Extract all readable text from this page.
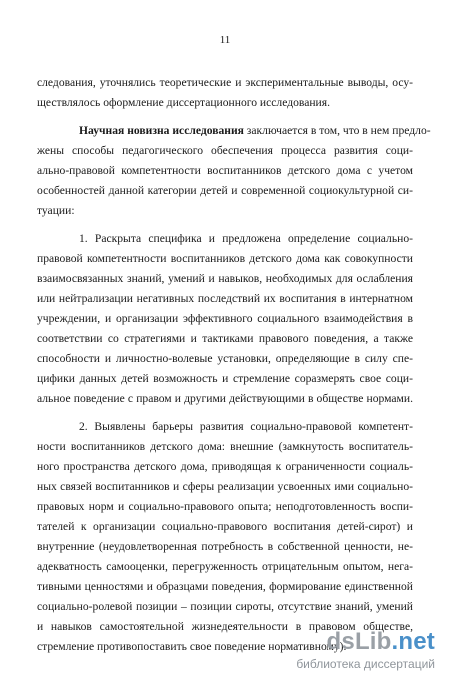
11
следования, уточнялись теоретические и экспериментальные выводы, осу-
ществлялось оформление диссертационного исследования.
Научная новизна исследования заключается в том, что в нем предло-
жены способы педагогического обеспечения процесса развития соци-
ально-правовой компетентности воспитанников детского дома с учетом
особенностей данной категории детей и современной социокультурной си-
туации:
1. Раскрыта специфика и предложена определение социально-
правовой компетентности воспитанников детского дома как совокупности
взаимосвязанных знаний, умений и навыков, необходимых для ослабления
или нейтрализации негативных последствий их воспитания в интернатном
учреждении, и организации эффективного социального взаимодействия в
соответствии со стратегиями и тактиками правового поведения, а также
способности и личностно-волевые установки, определяющие в силу спе-
цифики данных детей возможность и стремление соразмерять свое соци-
альное поведение с правом и другими действующими в обществе нормами.
2. Выявлены барьеры развития социально-правовой компетент-
ности воспитанников детского дома: внешние (замкнутость воспитатель-
ного пространства детского дома, приводящая к ограниченности социаль-
ных связей воспитанников и сферы реализации усвоенных ими социально-
правовых норм и социально-правового опыта; неподготовленность воспи-
тателей к организации социально-правового воспитания детей-сирот) и
внутренние (неудовлетворенная потребность в собственной ценности, не-
адекватность самооценки, перегруженность отрицательным опытом, нега-
тивными ценностями и образцами поведения, формирование единственной
социально-ролевой позиции – позиции сироты, отсутствие знаний, умений
и навыков самостоятельной жизнедеятельности в правовом обществе,
стремление противопоставить свое поведение нормативному).
dsLib.net
библиотека диссертаций
